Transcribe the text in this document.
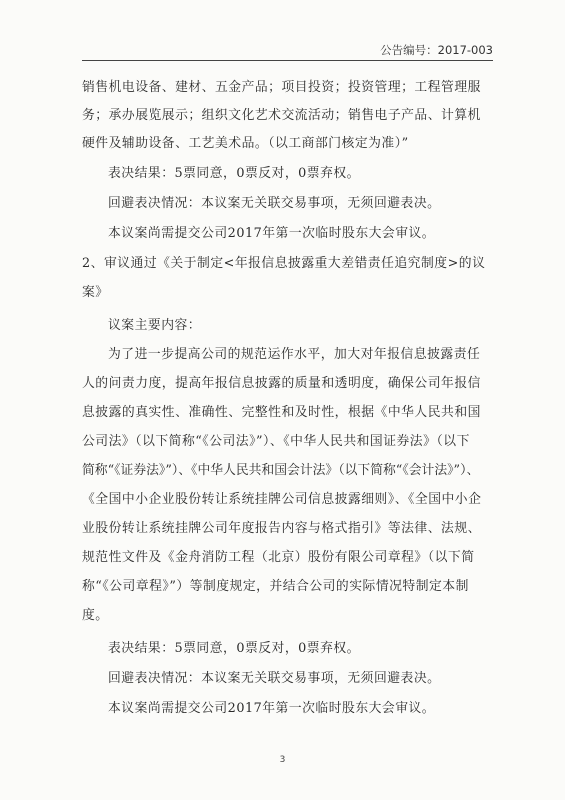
公告编号：2017-003
销售机电设备、建材、五金产品；项目投资；投资管理；工程管理服
务；承办展览展示；组织文化艺术交流活动；销售电子产品、计算机
硬件及辅助设备、工艺美术品。（以工商部门核定为准）”
表决结果：5票同意，0票反对，0票弃权。
回避表决情况：本议案无关联交易事项，无须回避表决。
本议案尚需提交公司2017年第一次临时股东大会审议。
2、审议通过《关于制定<年报信息披露重大差错责任追究制度>的议
案》
议案主要内容：
为了进一步提高公司的规范运作水平，加大对年报信息披露责任
人的问责力度，提高年报信息披露的质量和透明度，确保公司年报信
息披露的真实性、准确性、完整性和及时性，根据《中华人民共和国
公司法》（以下简称“《公司法》”）、《中华人民共和国证券法》（以下
简称“《证券法》”）、《中华人民共和国会计法》（以下简称“《会计法》”）、
《全国中小企业股份转让系统挂牌公司信息披露细则》、《全国中小企
业股份转让系统挂牌公司年度报告内容与格式指引》等法律、法规、
规范性文件及《金舟消防工程（北京）股份有限公司章程》（以下简
称“《公司章程》”）等制度规定，并结合公司的实际情况特制定本制
度。
表决结果：5票同意，0票反对，0票弃权。
回避表决情况：本议案无关联交易事项，无须回避表决。
本议案尚需提交公司2017年第一次临时股东大会审议。
3
